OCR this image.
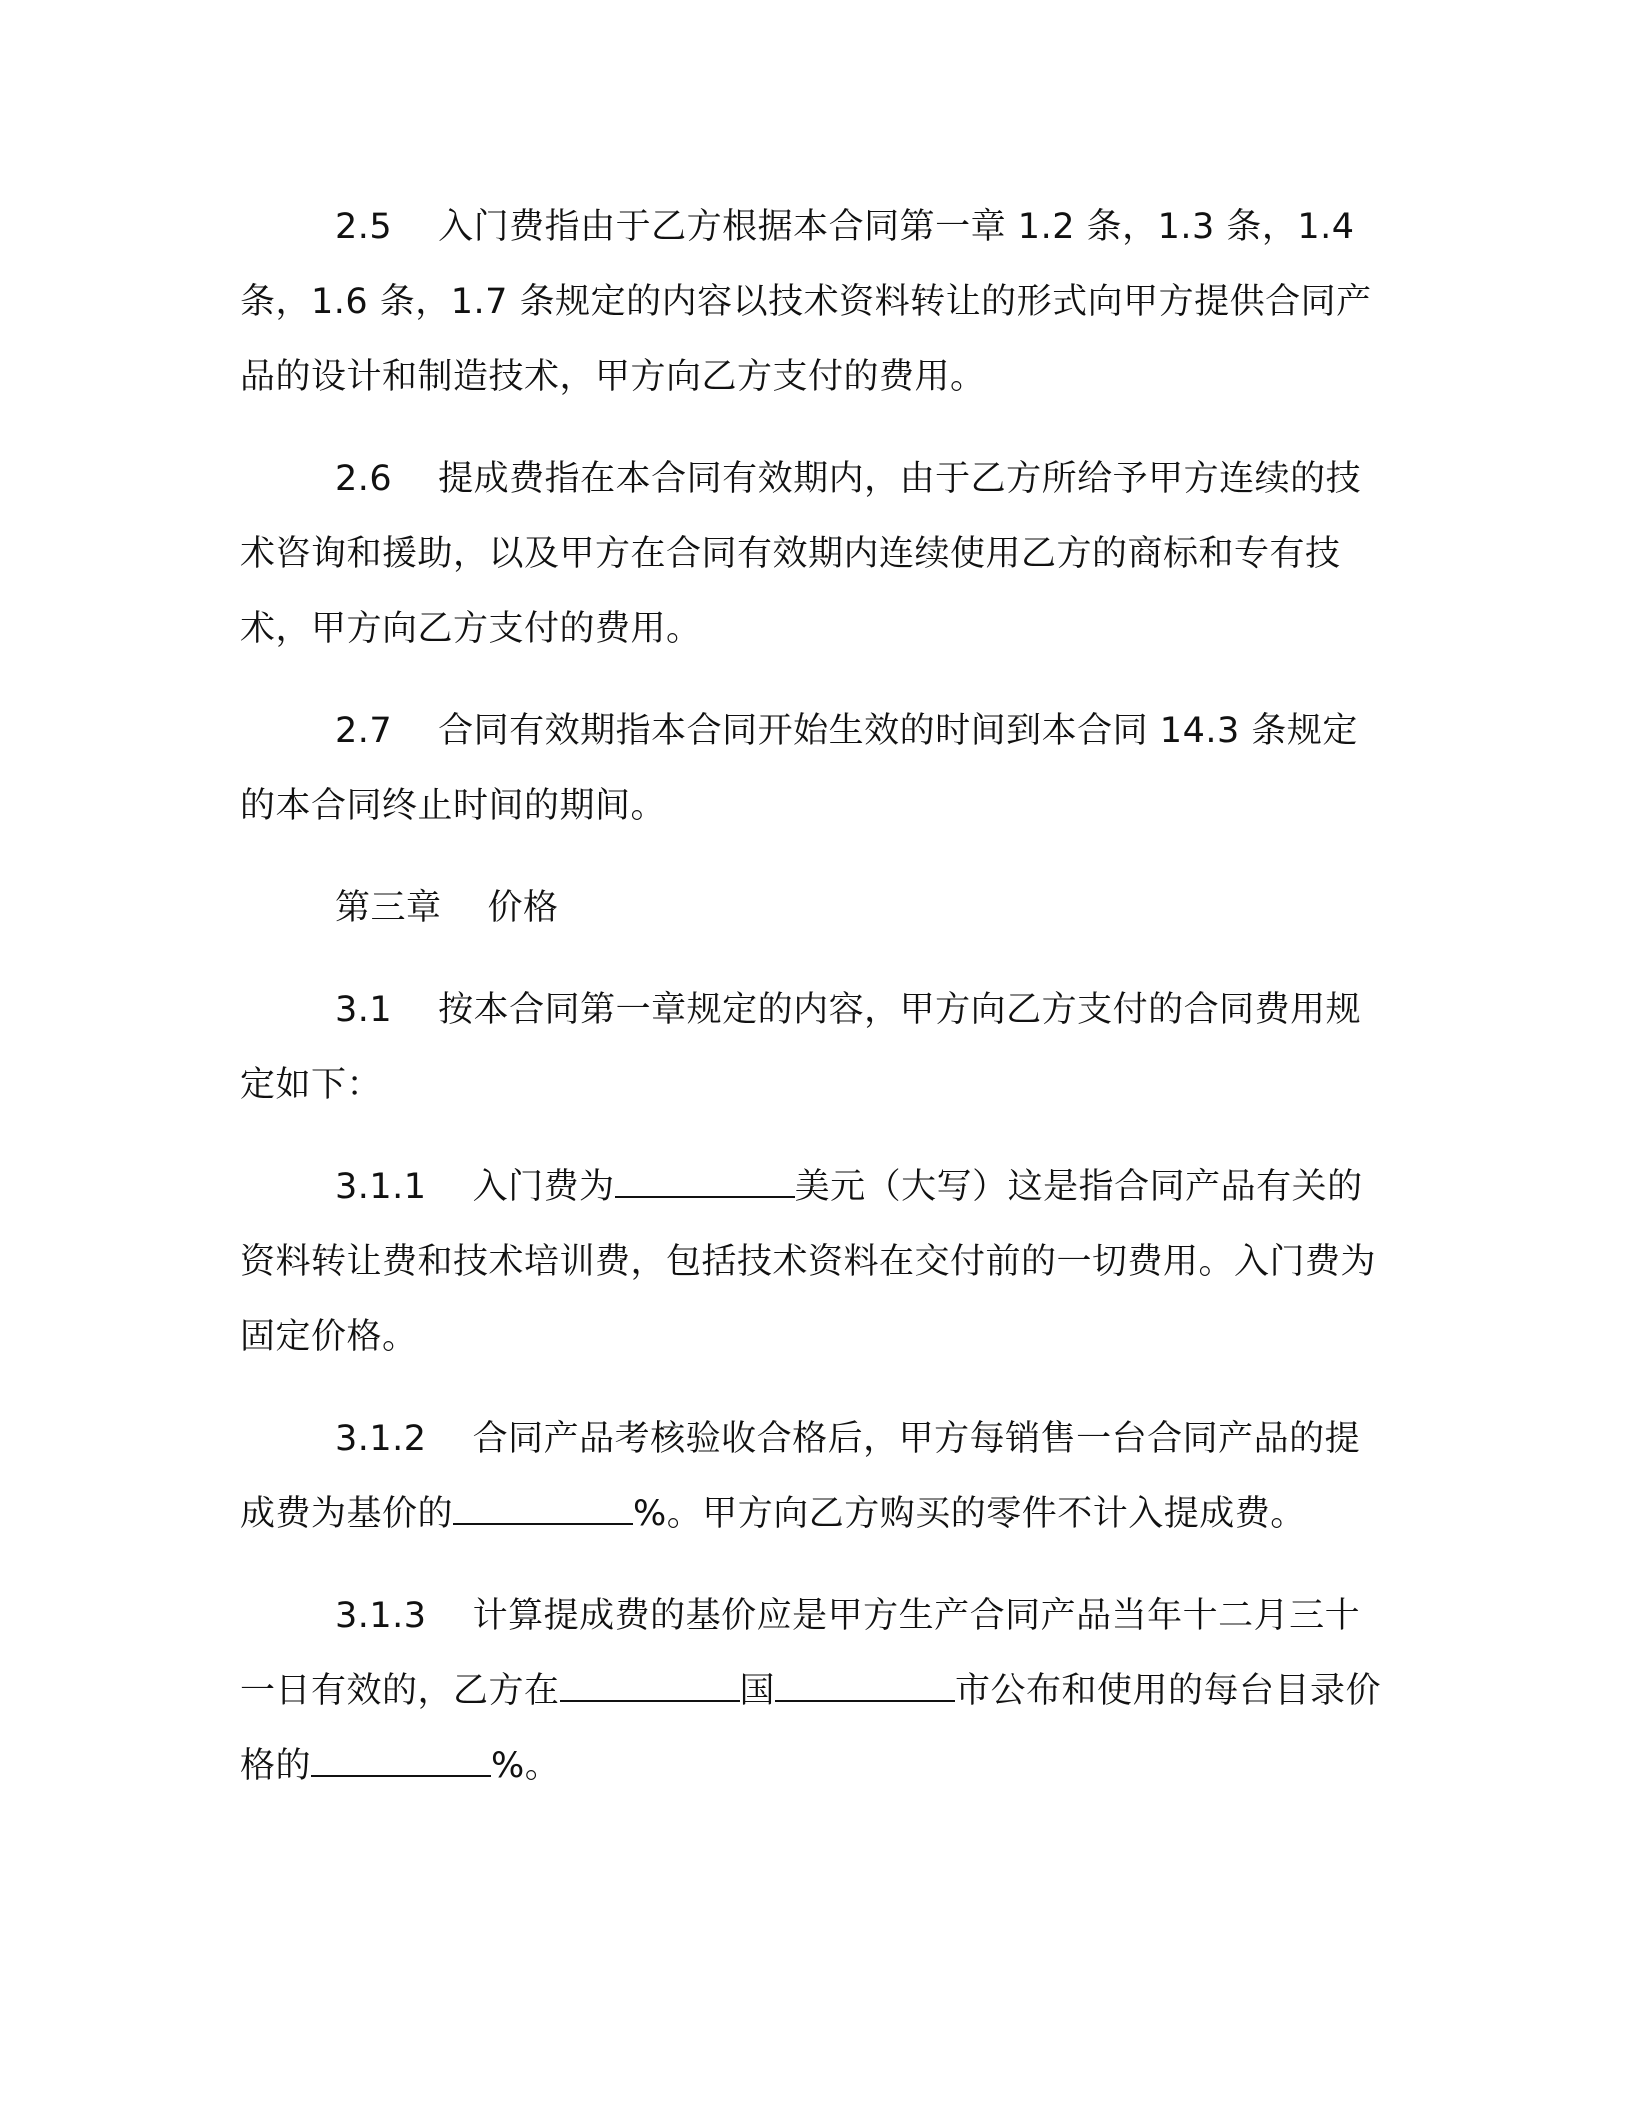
2.5 入门费指由于乙方根据本合同第一章 1.2 条，1.3 条，1.4 条，1.6 条，1.7 条规定的内容以技术资料转让的形式向甲方提供合同产品的设计和制造技术，甲方向乙方支付的费用。

2.6 提成费指在本合同有效期内，由于乙方所给予甲方连续的技术咨询和援助，以及甲方在合同有效期内连续使用乙方的商标和专有技术，甲方向乙方支付的费用。

2.7 合同有效期指本合同开始生效的时间到本合同 14.3 条规定的本合同终止时间的期间。

第三章 价格

3.1 按本合同第一章规定的内容，甲方向乙方支付的合同费用规定如下：

3.1.1 入门费为	美元（大写）这是指合同产品有关的资料转让费和技术培训费，包括技术资料在交付前的一切费用。入门费为固定价格。

3.1.2 合同产品考核验收合格后，甲方每销售一台合同产品的提成费为基价的	%。甲方向乙方购买的零件不计入提成费。

3.1.3 计算提成费的基价应是甲方生产合同产品当年十二月三十一日有效的，乙方在	国	市公布和使用的每台目录价格的	%。
